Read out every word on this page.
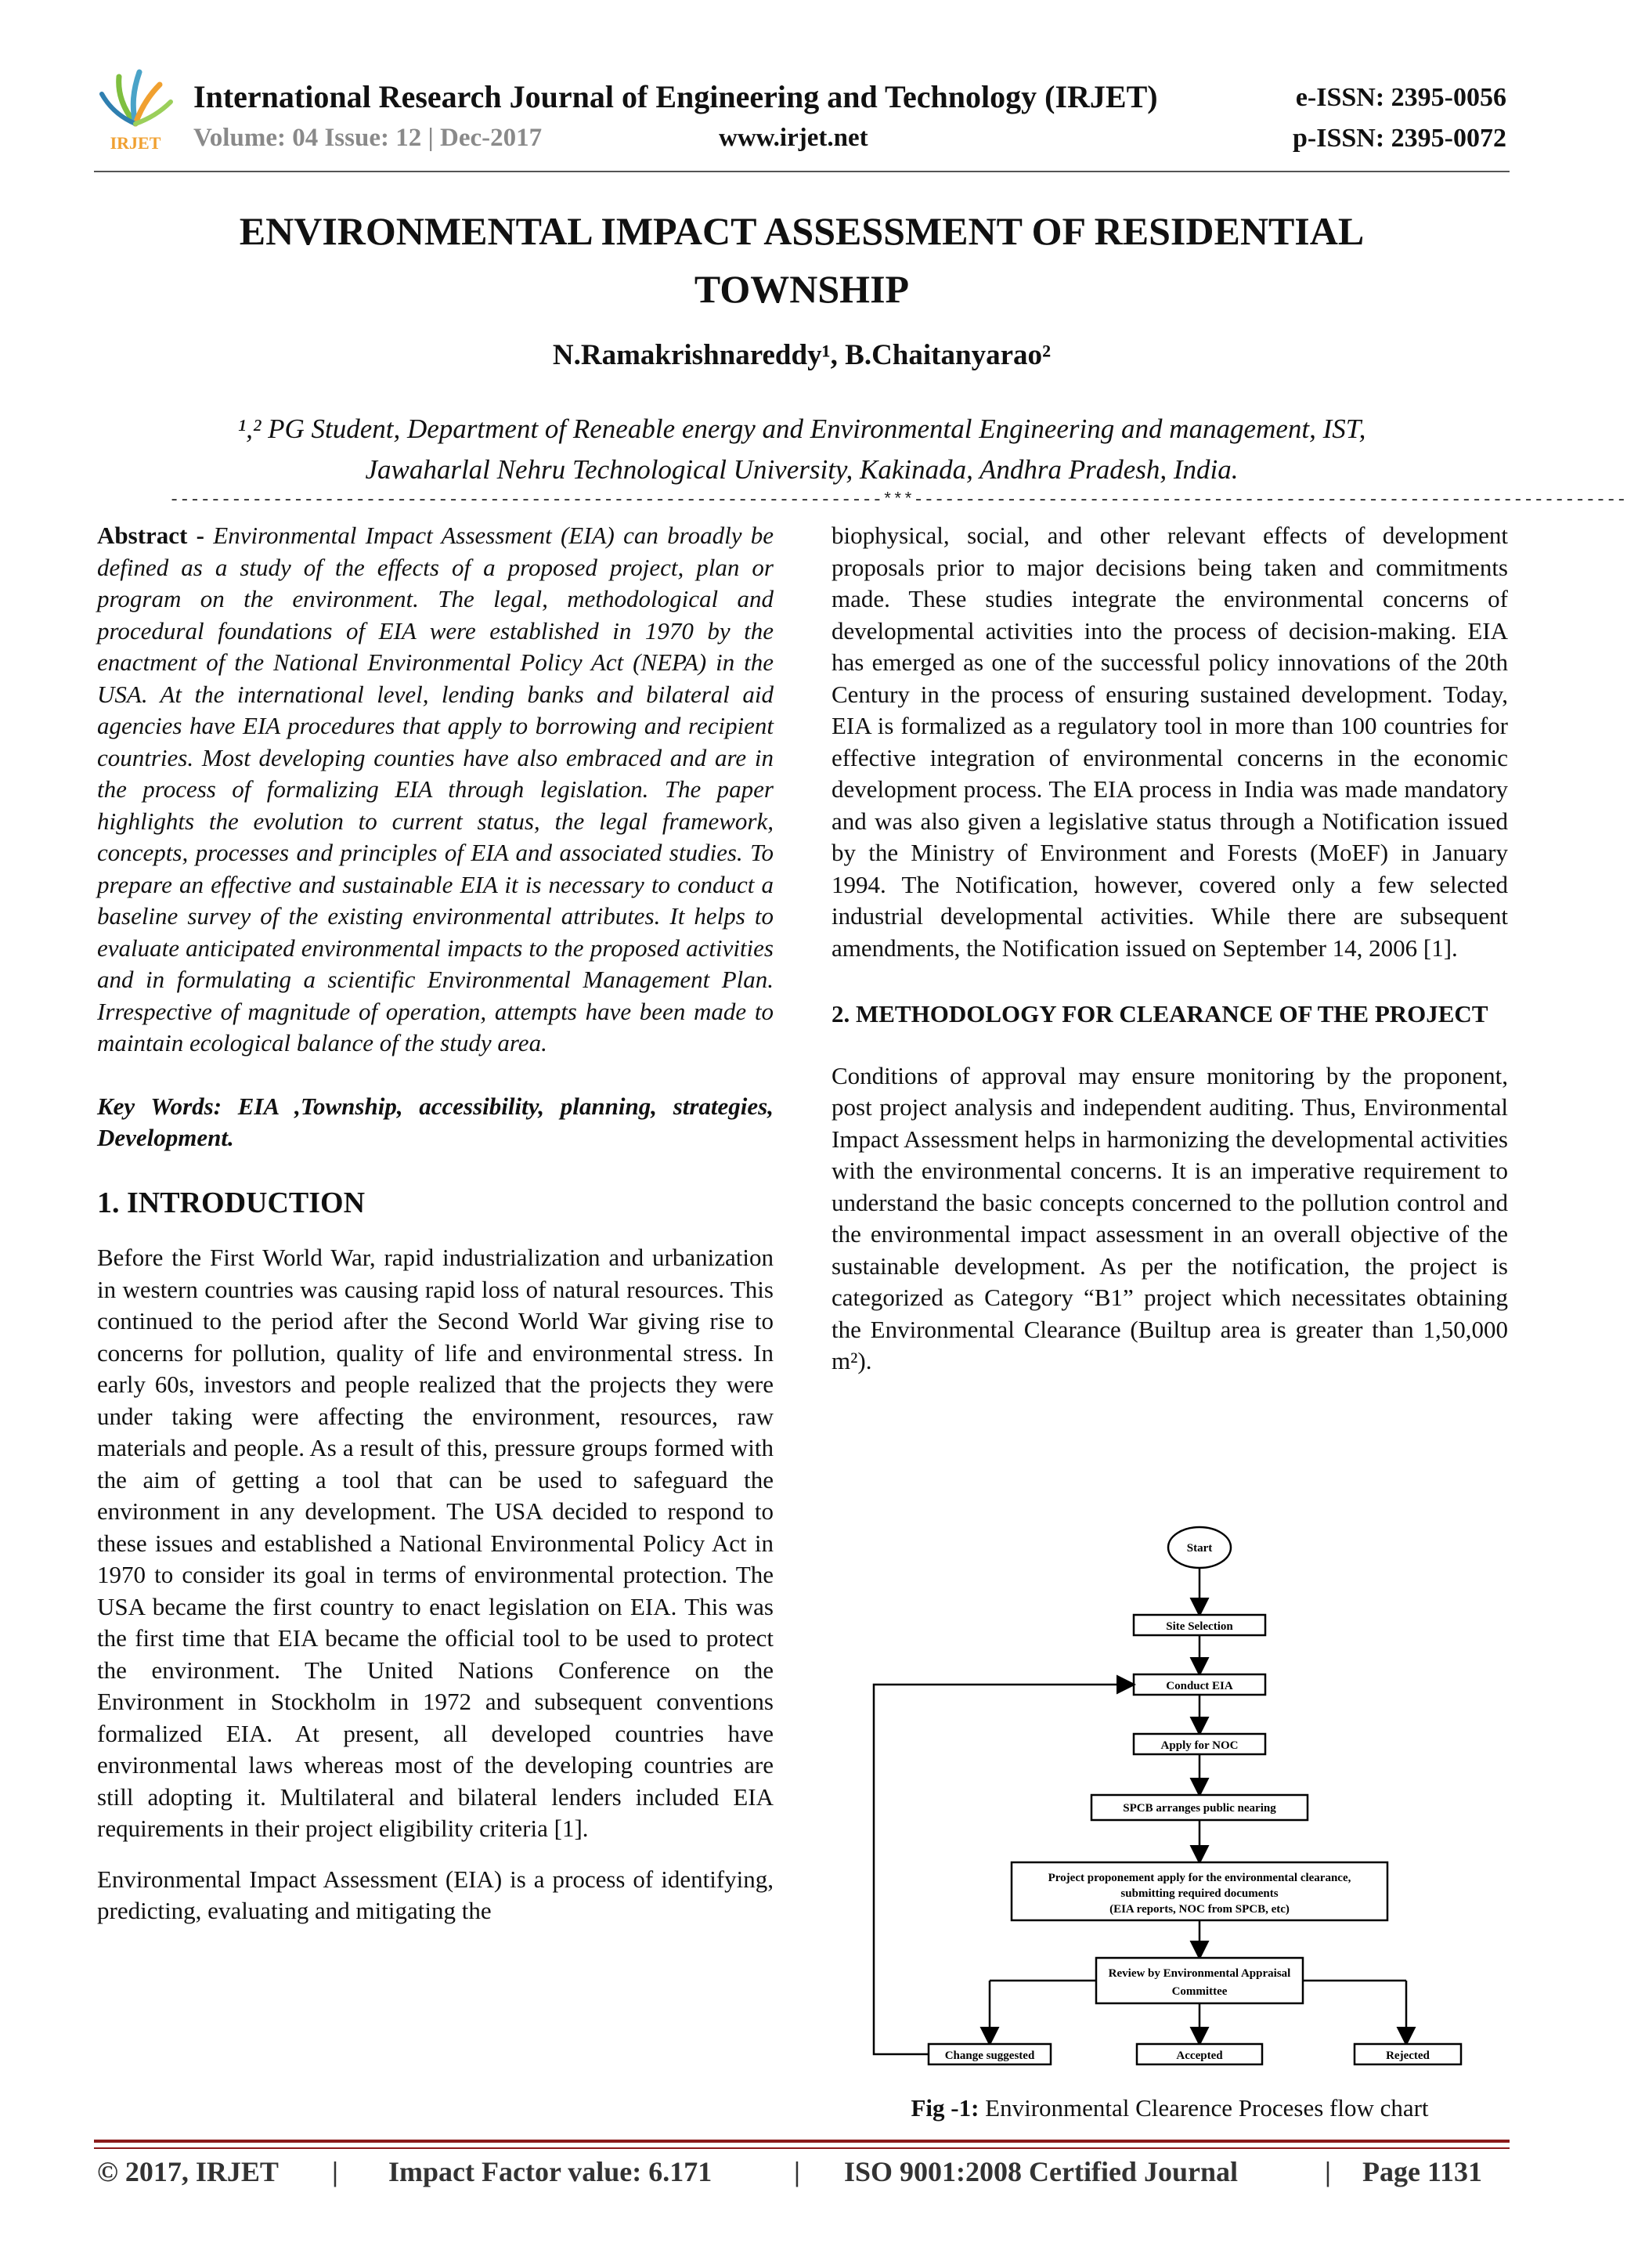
IRJET
International Research Journal of Engineering and Technology (IRJET)
Volume: 04 Issue: 12 | Dec-2017	www.irjet.net
e-ISSN: 2395-0056
p-ISSN: 2395-0072
ENVIRONMENTAL IMPACT ASSESSMENT OF RESIDENTIAL
TOWNSHIP
N.Ramakrishnareddy¹, B.Chaitanyarao²
¹,² PG Student, Department of Reneable energy and Environmental Engineering and management, IST,
Jawaharlal Nehru Technological University, Kakinada, Andhra Pradesh, India.
---------------------------------------------------------------------***---------------------------------------------------------------------

Abstract - Environmental Impact Assessment (EIA) can broadly be defined as a study of the effects of a proposed project, plan or program on the environment. The legal, methodological and procedural foundations of EIA were established in 1970 by the enactment of the National Environmental Policy Act (NEPA) in the USA. At the international level, lending banks and bilateral aid agencies have EIA procedures that apply to borrowing and recipient countries. Most developing counties have also embraced and are in the process of formalizing EIA through legislation. The paper highlights the evolution to current status, the legal framework, concepts, processes and principles of EIA and associated studies. To prepare an effective and sustainable EIA it is necessary to conduct a baseline survey of the existing environmental attributes. It helps to evaluate anticipated environmental impacts to the proposed activities and in formulating a scientific Environmental Management Plan. Irrespective of magnitude of operation, attempts have been made to maintain ecological balance of the study area.

Key Words: EIA ,Township, accessibility, planning, strategies, Development.

1. INTRODUCTION

Before the First World War, rapid industrialization and urbanization in western countries was causing rapid loss of natural resources. This continued to the period after the Second World War giving rise to concerns for pollution, quality of life and environmental stress. In early 60s, investors and people realized that the projects they were under taking were affecting the environment, resources, raw materials and people. As a result of this, pressure groups formed with the aim of getting a tool that can be used to safeguard the environment in any development. The USA decided to respond to these issues and established a National Environmental Policy Act in 1970 to consider its goal in terms of environmental protection. The USA became the first country to enact legislation on EIA. This was the first time that EIA became the official tool to be used to protect the environment. The United Nations Conference on the Environment in Stockholm in 1972 and subsequent conventions formalized EIA. At present, all developed countries have environmental laws whereas most of the developing countries are still adopting it. Multilateral and bilateral lenders included EIA requirements in their project eligibility criteria [1].

Environmental Impact Assessment (EIA) is a process of identifying, predicting, evaluating and mitigating the

biophysical, social, and other relevant effects of development proposals prior to major decisions being taken and commitments made. These studies integrate the environmental concerns of developmental activities into the process of decision-making. EIA has emerged as one of the successful policy innovations of the 20th Century in the process of ensuring sustained development. Today, EIA is formalized as a regulatory tool in more than 100 countries for effective integration of environmental concerns in the economic development process. The EIA process in India was made mandatory and was also given a legislative status through a Notification issued by the Ministry of Environment and Forests (MoEF) in January 1994. The Notification, however, covered only a few selected industrial developmental activities. While there are subsequent amendments, the Notification issued on September 14, 2006 [1].

2. METHODOLOGY FOR CLEARANCE OF THE PROJECT

Conditions of approval may ensure monitoring by the proponent, post project analysis and independent auditing. Thus, Environmental Impact Assessment helps in harmonizing the developmental activities with the environmental concerns. It is an imperative requirement to understand the basic concepts concerned to the pollution control and the environmental impact assessment in an overall objective of the sustainable development. As per the notification, the project is categorized as Category “B1” project which necessitates obtaining the Environmental Clearance (Builtup area is greater than 1,50,000 m²).

Start
Site Selection
Conduct EIA
Apply for NOC
SPCB arranges public nearing
Project proponement apply for the environmental clearance,
submitting required documents
(EIA reports, NOC from SPCB, etc)
Review by Environmental Appraisal
Committee
Change suggested	Accepted	Rejected
Fig -1: Environmental Clearence Proceses flow chart
© 2017, IRJET | Impact Factor value: 6.171	| ISO 9001:2008 Certified Journal	| Page 1131
